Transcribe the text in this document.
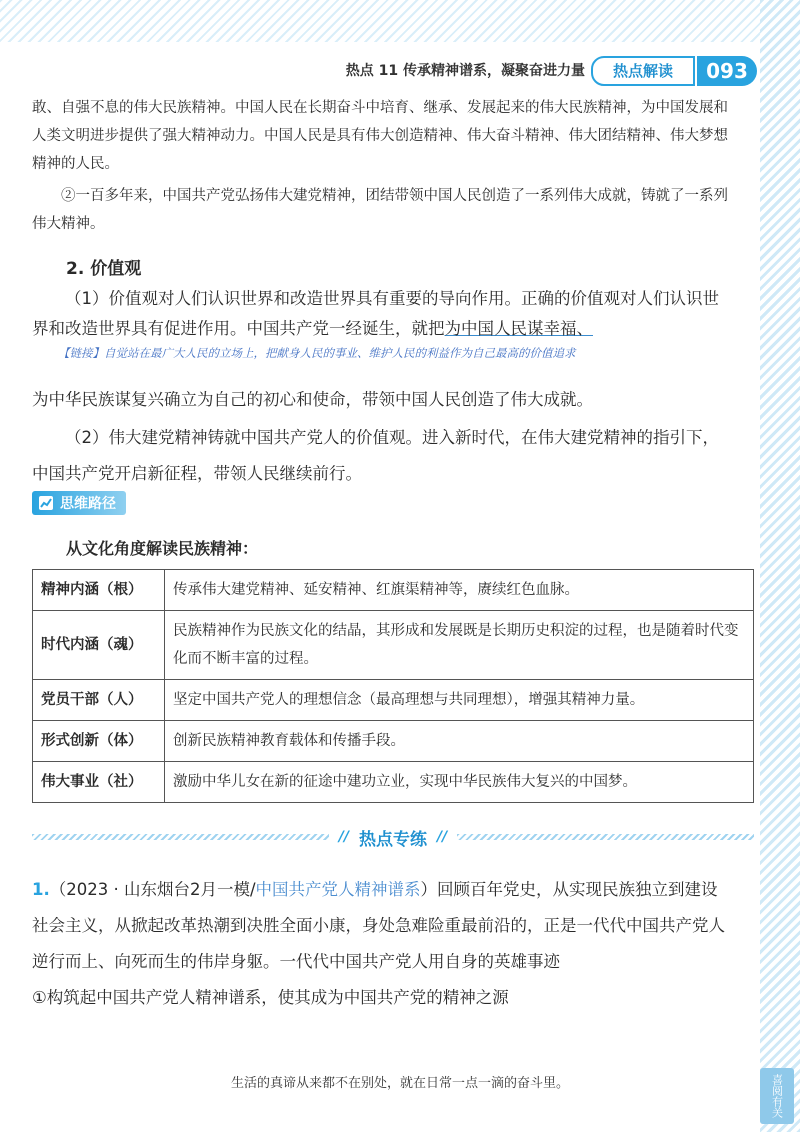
喜阅有关
热点 11 传承精神谱系，凝聚奋进力量	热点解读	093

敢、自强不息的伟大民族精神。中国人民在长期奋斗中培育、继承、发展起来的伟大民族精神，为中国发展和人类文明进步提供了强大精神动力。中国人民是具有伟大创造精神、伟大奋斗精神、伟大团结精神、伟大梦想精神的人民。

②一百多年来，中国共产党弘扬伟大建党精神，团结带领中国人民创造了一系列伟大成就，铸就了一系列伟大精神。

2. 价值观

（1）价值观对人们认识世界和改造世界具有重要的导向作用。正确的价值观对人们认识世界和改造世界具有促进作用。中国共产党一经诞生，就把为中国人民谋幸福、

【链接】自觉站在最广大人民的立场上，把献身人民的事业、维护人民的利益作为自己最高的价值追求

为中华民族谋复兴确立为自己的初心和使命，带领中国人民创造了伟大成就。

（2）伟大建党精神铸就中国共产党人的价值观。进入新时代，在伟大建党精神的指引下，中国共产党开启新征程，带领人民继续前行。

思维路径
从文化角度解读民族精神：
精神内涵（根）	传承伟大建党精神、延安精神、红旗渠精神等，赓续红色血脉。
时代内涵（魂）	民族精神作为民族文化的结晶，其形成和发展既是长期历史积淀的过程，也是随着时代变化而不断丰富的过程。
党员干部（人）	坚定中国共产党人的理想信念（最高理想与共同理想），增强其精神力量。
形式创新（体）	创新民族精神教育载体和传播手段。
伟大事业（社）	激励中华儿女在新的征途中建功立业，实现中华民族伟大复兴的中国梦。
// 热点专练 //

1.（2023 · 山东烟台2月一模/中国共产党人精神谱系）回顾百年党史，从实现民族独立到建设社会主义，从掀起改革热潮到决胜全面小康，身处急难险重最前沿的，正是一代代中国共产党人逆行而上、向死而生的伟岸身躯。一代代中国共产党人用自身的英雄事迹

①构筑起中国共产党人精神谱系，使其成为中国共产党的精神之源

生活的真谛从来都不在别处，就在日常一点一滴的奋斗里。
